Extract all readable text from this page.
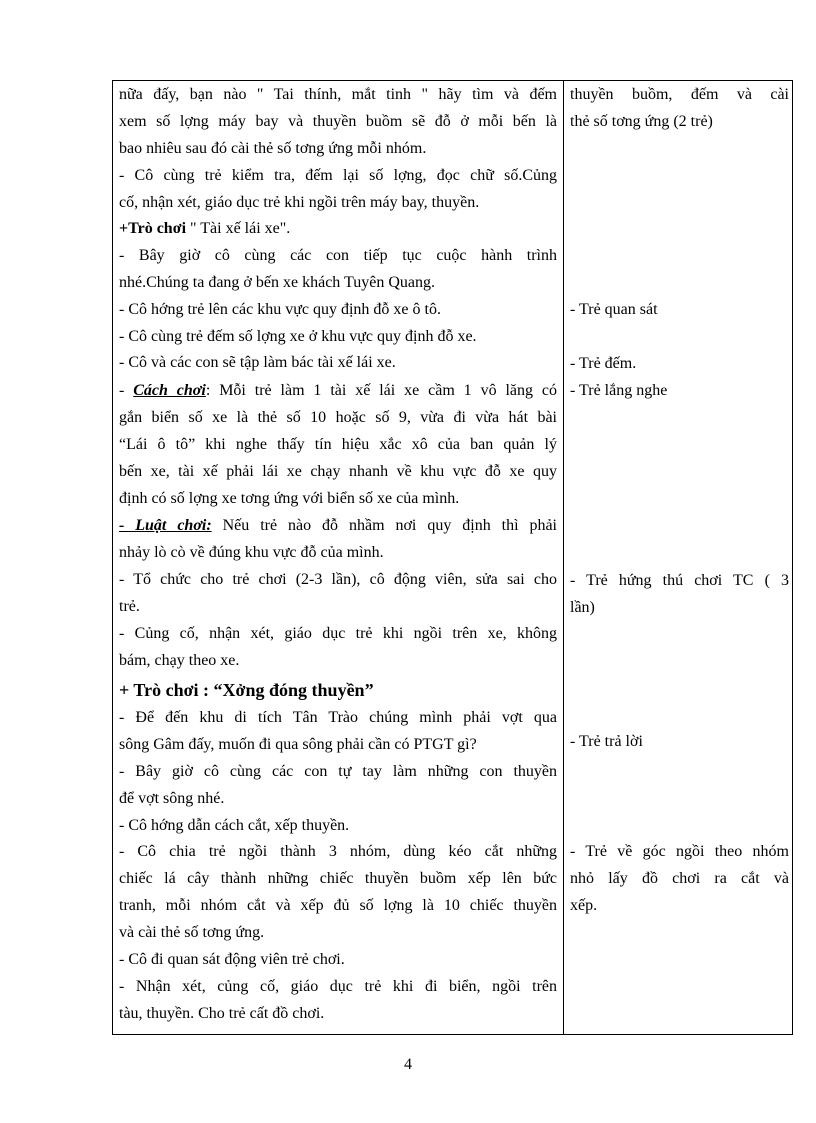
nữa đấy, bạn nào " Tai thính, mắt tinh " hãy tìm và đếm
xem số lợng máy bay và thuyền buồm sẽ đỗ ở mỗi bến là
bao nhiêu sau đó cài thẻ số tơng ứng mỗi nhóm.
- Cô cùng trẻ kiểm tra, đếm lại số lợng, đọc chữ số.Củng
cố, nhận xét, giáo dục trẻ khi ngồi trên máy bay, thuyền.
+Trò chơi " Tài xế lái xe".
- Bây giờ cô cùng các con tiếp tục cuộc hành trình
nhé.Chúng ta đang ở bến xe khách Tuyên Quang.
- Cô hớng trẻ lên các khu vực quy định đỗ xe ô tô.
- Cô cùng trẻ đếm số lợng xe ở khu vực quy định đỗ xe.
- Cô và các con sẽ tập làm bác tài xế lái xe.
- Cách chơi: Mỗi trẻ làm 1 tài xế lái xe cầm 1 vô lăng có
gắn biển số xe là thẻ số 10 hoặc số 9, vừa đi vừa hát bài
“Lái ô tô” khi nghe thấy tín hiệu xắc xô của ban quản lý
bến xe, tài xế phải lái xe chạy nhanh về khu vực đỗ xe quy
định có số lợng xe tơng ứng với biển số xe của mình.
- Luật chơi: Nếu trẻ nào đỗ nhầm nơi quy định thì phải
nhảy lò cò về đúng khu vực đỗ của mình.
- Tổ chức cho trẻ chơi (2-3 lần), cô động viên, sửa sai cho
trẻ.
- Củng cố, nhận xét, giáo dục trẻ khi ngồi trên xe, không
bám, chạy theo xe.
+ Trò chơi : “Xởng đóng thuyền”
- Để đến khu di tích Tân Trào chúng mình phải vợt qua
sông Gâm đấy, muốn đi qua sông phải cần có PTGT gì?
- Bây giờ cô cùng các con tự tay làm những con thuyền
để vợt sông nhé.
- Cô hớng dẫn cách cắt, xếp thuyền.
- Cô chia trẻ ngồi thành 3 nhóm, dùng kéo cắt những
chiếc lá cây thành những chiếc thuyền buồm xếp lên bức
tranh, mỗi nhóm cắt và xếp đủ số lợng là 10 chiếc thuyền
và cài thẻ số tơng ứng.
- Cô đi quan sát động viên trẻ chơi.
- Nhận xét, củng cố, giáo dục trẻ khi đi biển, ngồi trên
tàu, thuyền. Cho trẻ cất đồ chơi.
thuyền buồm, đếm và cài
thẻ số tơng ứng (2 trẻ)
- Trẻ quan sát
- Trẻ đếm.
- Trẻ lắng nghe
- Trẻ hứng thú chơi TC ( 3
lần)
- Trẻ trả lời
- Trẻ về góc ngồi theo nhóm
nhỏ lấy đồ chơi ra cắt và
xếp.
4
